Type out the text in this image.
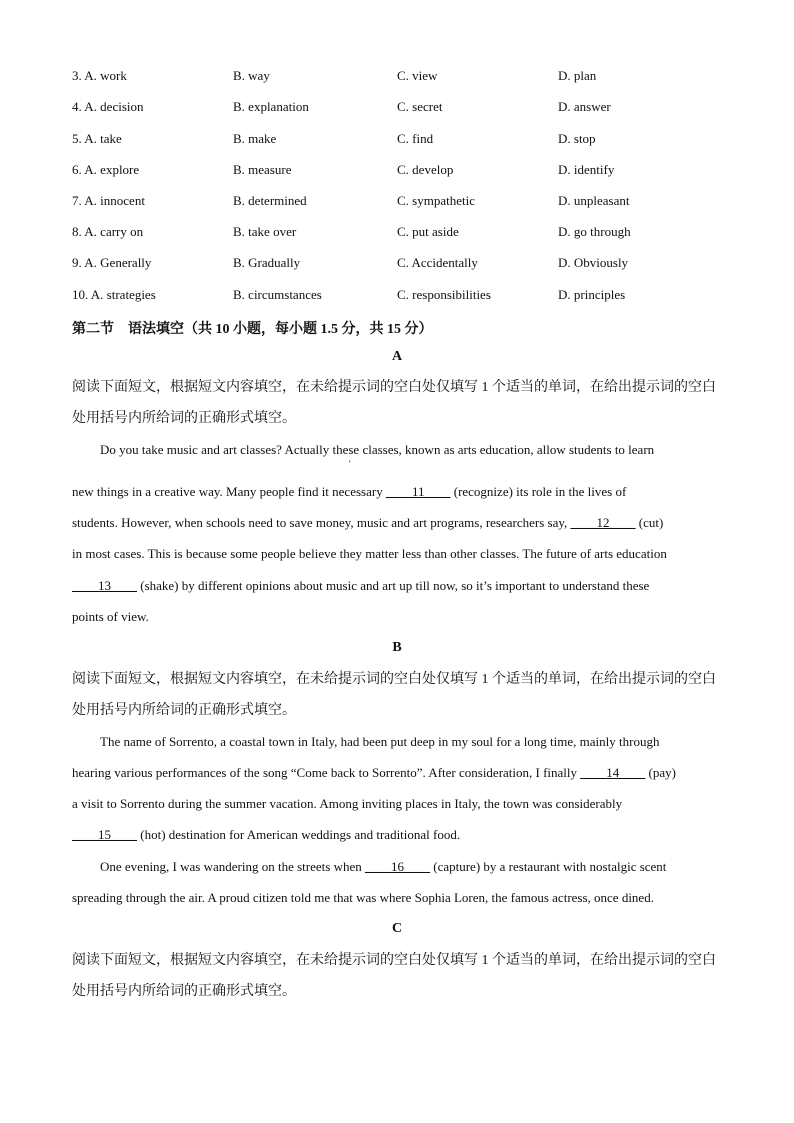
3. A. work	B. way	C. view	D. plan
4. A. decision	B. explanation	C. secret	D. answer
5. A. take	B. make	C. find	D. stop
6. A. explore	B. measure	C. develop	D. identify
7. A. innocent	B. determined	C. sympathetic	D. unpleasant
8. A. carry on	B. take over	C. put aside	D. go through
9. A. Generally	B. Gradually	C. Accidentally	D. Obviously
10. A. strategies	B. circumstances	C. responsibilities	D. principles
第二节 语法填空（共 10 小题，每小题 1.5 分，共 15 分）
A

阅读下面短文，根据短文内容填空，在未给提示词的空白处仅填写 1 个适当的单词，在给出提示词的空白处用括号内所给词的正确形式填空。

Do you take music and art classes? Actually these classes, known as arts education, allow students to learn
'
new things in a creative way. Many people find it necessary ____11____ (recognize) its role in the lives of
students. However, when schools need to save money, music and art programs, researchers say, ____12____ (cut)
in most cases. This is because some people believe they matter less than other classes. The future of arts education
____13____ (shake) by different opinions about music and art up till now, so it’s important to understand these
points of view.
B

阅读下面短文，根据短文内容填空，在未给提示词的空白处仅填写 1 个适当的单词，在给出提示词的空白处用括号内所给词的正确形式填空。

The name of Sorrento, a coastal town in Italy, had been put deep in my soul for a long time, mainly through
hearing various performances of the song “Come back to Sorrento”. After consideration, I finally ____14____ (pay)
a visit to Sorrento during the summer vacation. Among inviting places in Italy, the town was considerably
____15____ (hot) destination for American weddings and traditional food.
One evening, I was wandering on the streets when ____16____ (capture) by a restaurant with nostalgic scent
spreading through the air. A proud citizen told me that was where Sophia Loren, the famous actress, once dined.
C

阅读下面短文，根据短文内容填空，在未给提示词的空白处仅填写 1 个适当的单词，在给出提示词的空白处用括号内所给词的正确形式填空。
